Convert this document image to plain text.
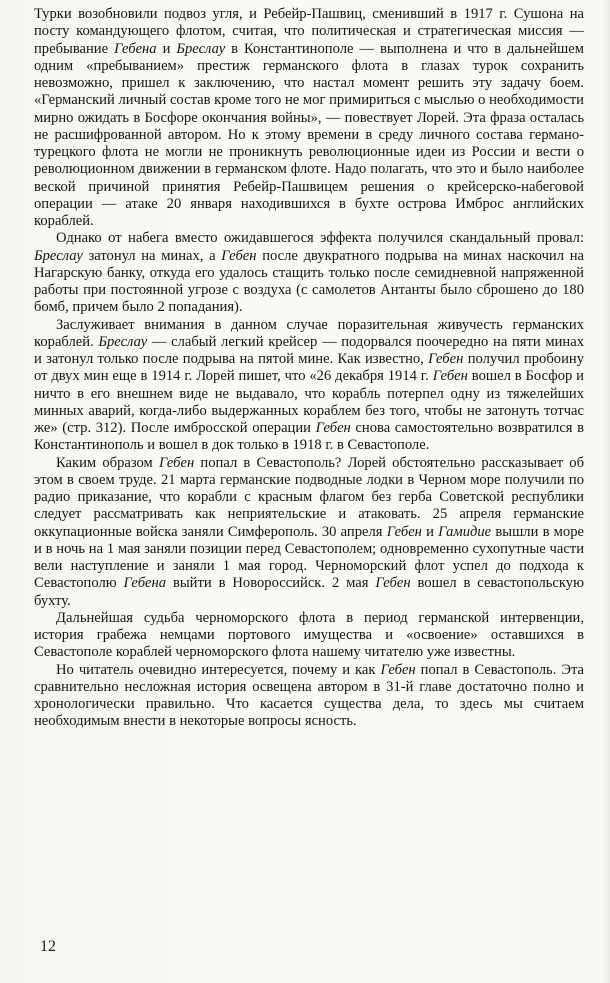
Турки возобновили подвоз угля, и Ребейр-Пашвиц, сменивший в 1917 г. Сушона на посту командующего флотом, считая, что политическая и стратегическая миссия — пребывание Гебена и Бреслау в Константинополе — выполнена и что в дальнейшем одним «пребыванием» престиж германского флота в глазах турок сохранить невозможно, пришел к заключению, что настал момент решить эту задачу боем. «Германский личный состав кроме того не мог примириться с мыслью о необходимости мирно ожидать в Босфоре окончания войны», — повествует Лорей. Эта фраза осталась не расшифрованной автором. Но к этому времени в среду личного состава германо-турецкого флота не могли не проникнуть революционные идеи из России и вести о революционном движении в германском флоте. Надо полагать, что это и было наиболее веской причиной принятия Ребейр-Пашвицем решения о крейсерско-набеговой операции — атаке 20 января находившихся в бухте острова Имброс английских кораблей.

Однако от набега вместо ожидавшегося эффекта получился скандальный провал: Бреслау затонул на минах, а Гебен после двукратного подрыва на минах наскочил на Нагарскую банку, откуда его удалось стащить только после семидневной напряженной работы при постоянной угрозе с воздуха (с самолетов Антанты было сброшено до 180 бомб, причем было 2 попадания).

Заслуживает внимания в данном случае поразительная живучесть германских кораблей. Бреслау — слабый легкий крейсер — подорвался поочередно на пяти минах и затонул только после подрыва на пятой мине. Как известно, Гебен получил пробоину от двух мин еще в 1914 г. Лорей пишет, что «26 декабря 1914 г. Гебен вошел в Босфор и ничто в его внешнем виде не выдавало, что корабль потерпел одну из тяжелейших минных аварий, когда-либо выдержанных кораблем без того, чтобы не затонуть тотчас же» (стр. 312). После имбросской операции Гебен снова самостоятельно возвратился в Константинополь и вошел в док только в 1918 г. в Севастополе.

Каким образом Гебен попал в Севастополь? Лорей обстоятельно рассказывает об этом в своем труде. 21 марта германские подводные лодки в Черном море получили по радио приказание, что корабли с красным флагом без герба Советской республики следует рассматривать как неприятельские и атаковать. 25 апреля германские оккупационные войска заняли Симферополь. 30 апреля Гебен и Гамидие вышли в море и в ночь на 1 мая заняли позиции перед Севастополем; одновременно сухопутные части вели наступление и заняли 1 мая город. Черноморский флот успел до подхода к Севастополю Гебена выйти в Новороссийск. 2 мая Гебен вошел в севастопольскую бухту.

Дальнейшая судьба черноморского флота в период германской интервенции, история грабежа немцами портового имущества и «освоение» оставшихся в Севастополе кораблей черноморского флота нашему читателю уже известны.

Но читатель очевидно интересуется, почему и как Гебен попал в Севастополь. Эта сравнительно несложная история освещена автором в 31-й главе достаточно полно и хронологически правильно. Что касается существа дела, то здесь мы считаем необходимым внести в некоторые вопросы ясность.

12
